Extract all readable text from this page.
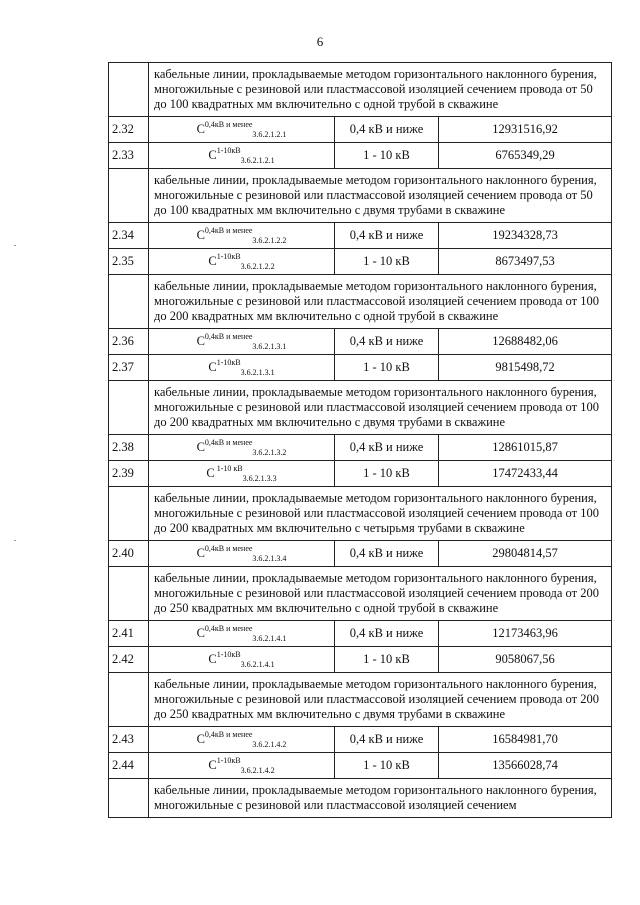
6
	кабельные линии, прокладываемые методом горизонтального наклонного бурения, многожильные с резиновой или пластмассовой изоляцией сечением провода от 50 до 100 квадратных мм включительно с одной трубой в скважине		
2.32	$C^{0,4кВ и менее}_{3.6.2.1.2.1}$	0,4 кВ и ниже	12931516,92
2.33	$C^{1-10кВ}_{3.6.2.1.2.1}$	1 - 10 кВ	6765349,29
	кабельные линии, прокладываемые методом горизонтального наклонного бурения, многожильные с резиновой или пластмассовой изоляцией сечением провода от 50 до 100 квадратных мм включительно с двумя трубами в скважине		
2.34	$C^{0,4кВ и менее}_{3.6.2.1.2.2}$	0,4 кВ и ниже	19234328,73
2.35	$C^{1-10кВ}_{3.6.2.1.2.2}$	1 - 10 кВ	8673497,53
	кабельные линии, прокладываемые методом горизонтального наклонного бурения, многожильные с резиновой или пластмассовой изоляцией сечением провода от 100 до 200 квадратных мм включительно с одной трубой в скважине		
2.36	$C^{0,4кВ и менее}_{3.6.2.1.3.1}$	0,4 кВ и ниже	12688482,06
2.37	$C^{1-10кВ}_{3.6.2.1.3.1}$	1 - 10 кВ	9815498,72
	кабельные линии, прокладываемые методом горизонтального наклонного бурения, многожильные с резиновой или пластмассовой изоляцией сечением провода от 100 до 200 квадратных мм включительно с двумя трубами в скважине		
2.38	$C^{0,4кВ и менее}_{3.6.2.1.3.2}$	0,4 кВ и ниже	12861015,87
2.39	C $^{1-10 кВ}_{3.6.2.1.3.3}$	1 - 10 кВ	17472433,44
	кабельные линии, прокладываемые методом горизонтального наклонного бурения, многожильные с резиновой или пластмассовой изоляцией сечением провода от 100 до 200 квадратных мм включительно с четырьмя трубами в скважине		
2.40	$C^{0,4кВ и менее}_{3.6.2.1.3.4}$	0,4 кВ и ниже	29804814,57
	кабельные линии, прокладываемые методом горизонтального наклонного бурения, многожильные с резиновой или пластмассовой изоляцией сечением провода от 200 до 250 квадратных мм включительно с одной трубой в скважине		
2.41	$C^{0,4кВ и менее}_{3.6.2.1.4.1}$	0,4 кВ и ниже	12173463,96
2.42	$C^{1-10кВ}_{3.6.2.1.4.1}$	1 - 10 кВ	9058067,56
	кабельные линии, прокладываемые методом горизонтального наклонного бурения, многожильные с резиновой или пластмассовой изоляцией сечением провода от 200 до 250 квадратных мм включительно с двумя трубами в скважине		
2.43	$C^{0,4кВ и менее}_{3.6.2.1.4.2}$	0,4 кВ и ниже	16584981,70
2.44	$C^{1-10кВ}_{3.6.2.1.4.2}$	1 - 10 кВ	13566028,74
	кабельные линии, прокладываемые методом горизонтального наклонного бурения, многожильные с резиновой или пластмассовой изоляцией сечением		
